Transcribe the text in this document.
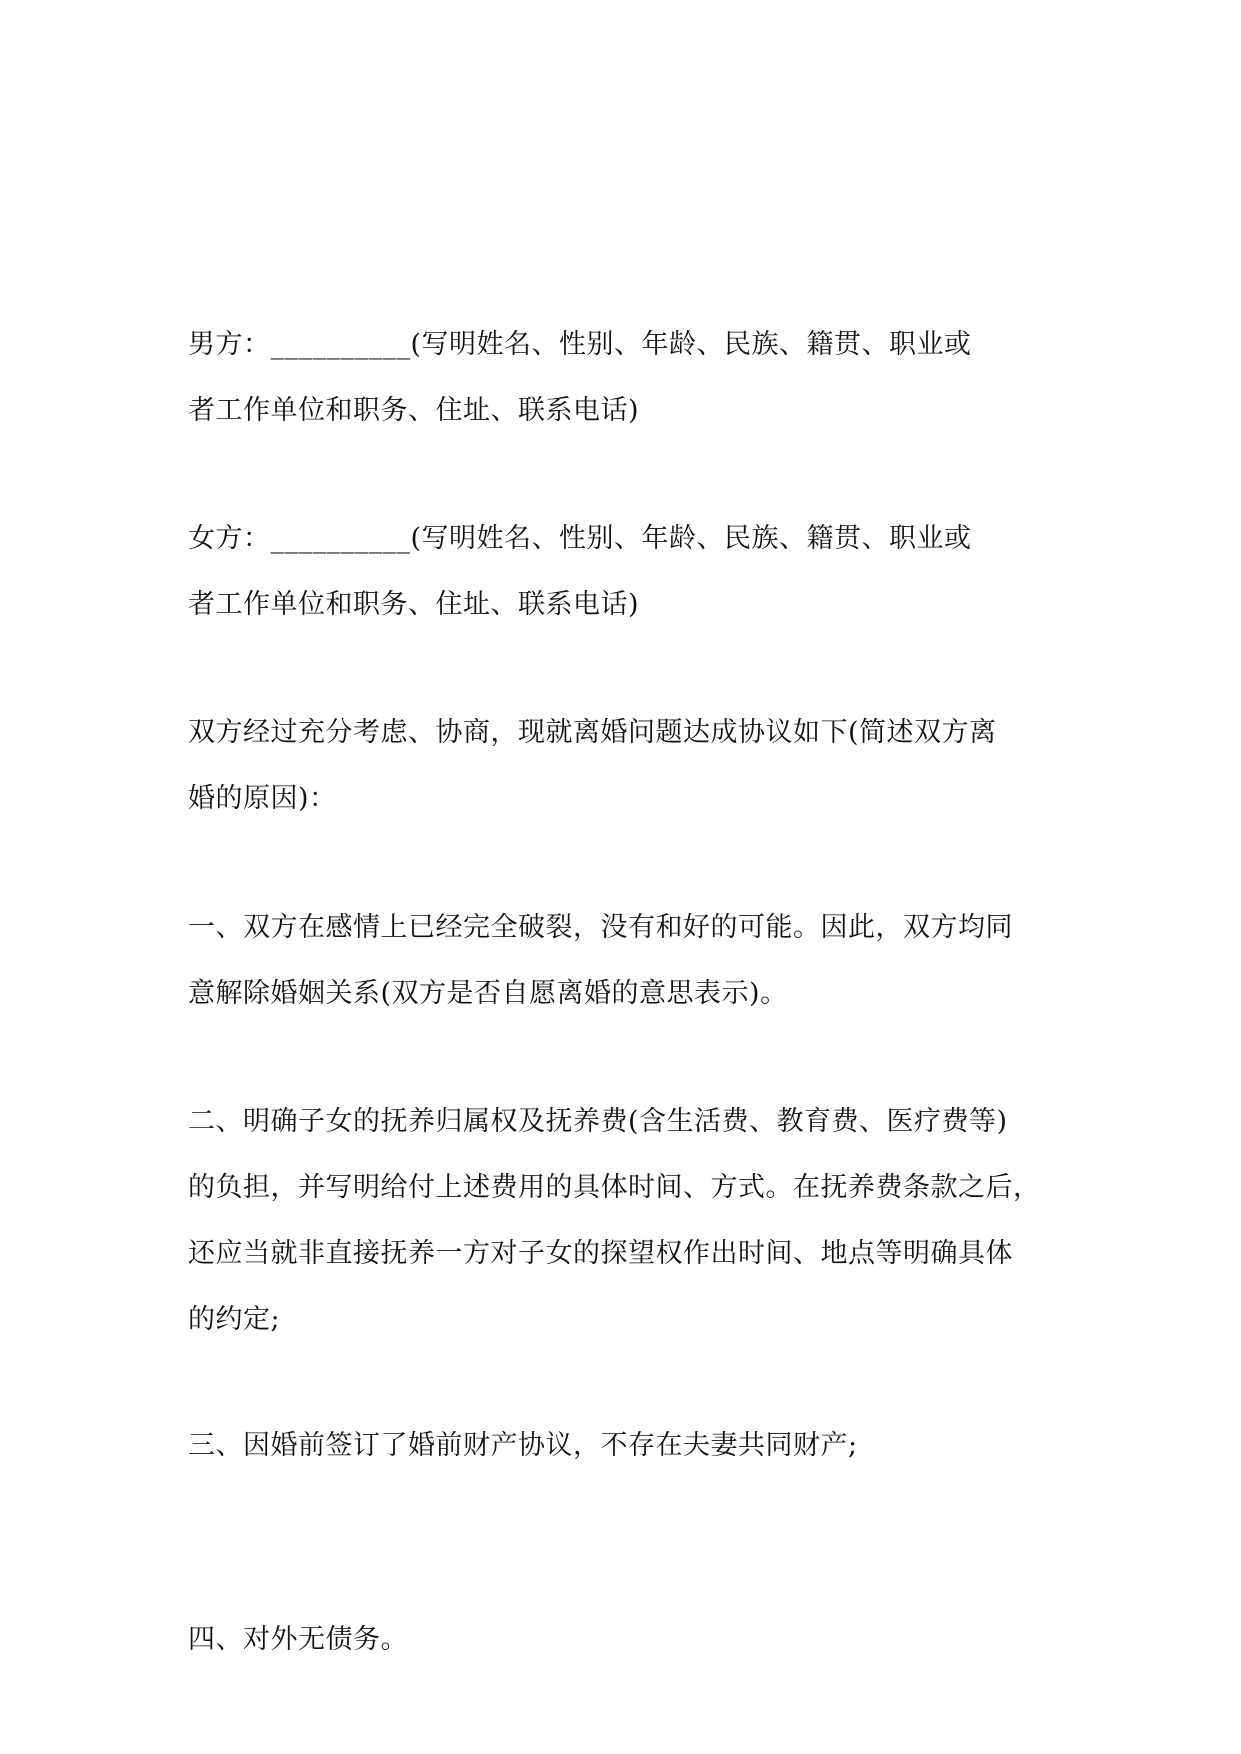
男方：__________(写明姓名、性别、年龄、民族、籍贯、职业或
者工作单位和职务、住址、联系电话)

女方：__________(写明姓名、性别、年龄、民族、籍贯、职业或
者工作单位和职务、住址、联系电话)

双方经过充分考虑、协商，现就离婚问题达成协议如下(简述双方离
婚的原因)：

一、双方在感情上已经完全破裂，没有和好的可能。因此，双方均同
意解除婚姻关系(双方是否自愿离婚的意思表示)。

二、明确子女的抚养归属权及抚养费(含生活费、教育费、医疗费等)
的负担，并写明给付上述费用的具体时间、方式。在抚养费条款之后，
还应当就非直接抚养一方对子女的探望权作出时间、地点等明确具体
的约定;

三、因婚前签订了婚前财产协议，不存在夫妻共同财产;

四、对外无债务。
